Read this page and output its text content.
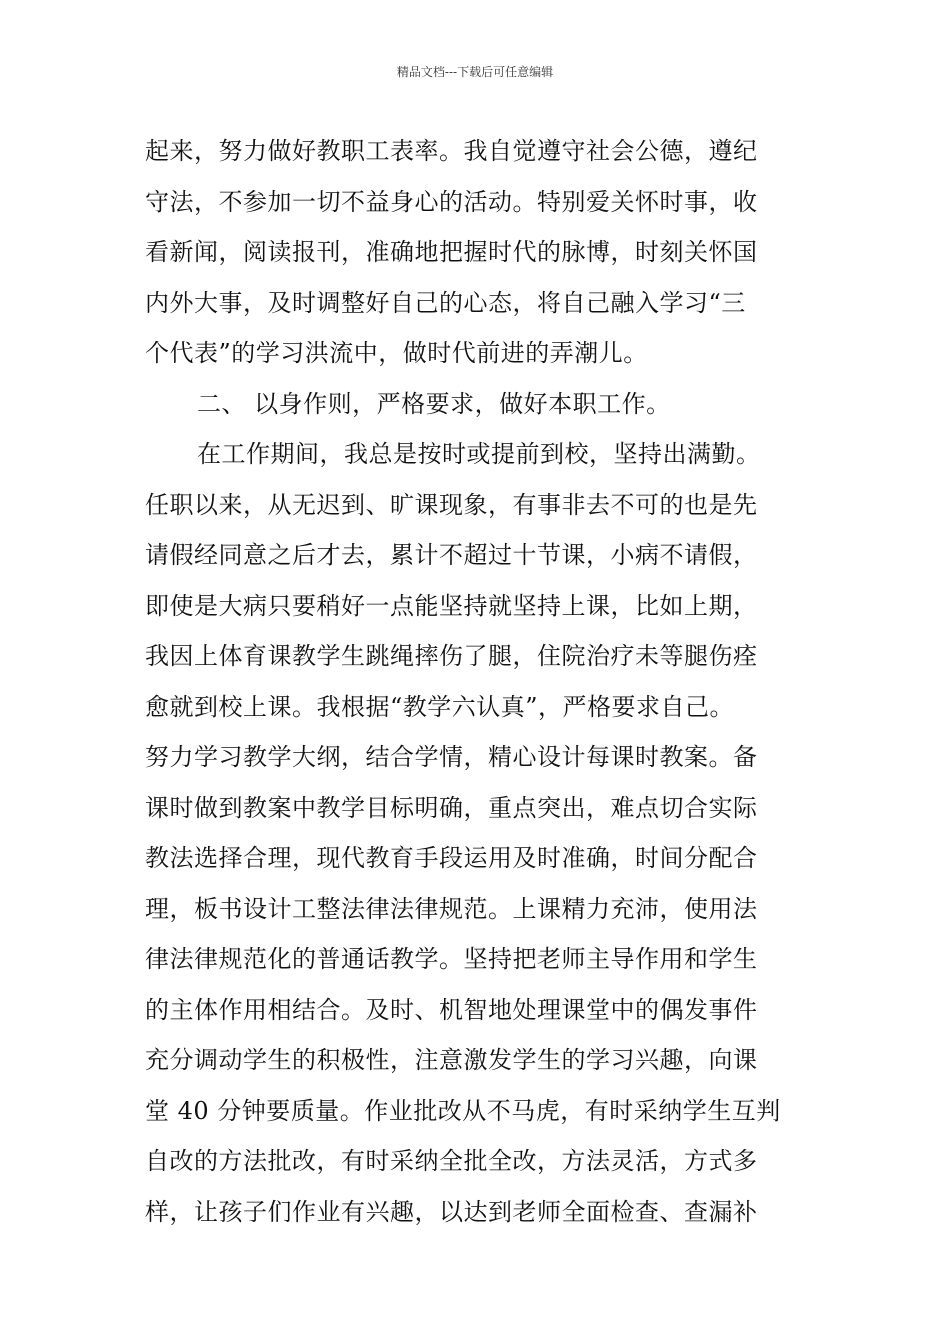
精品文档---下载后可任意编辑
起来，努力做好教职工表率。我自觉遵守社会公德，遵纪
守法，不参加一切不益身心的活动。特别爱关怀时事，收
看新闻，阅读报刊，准确地把握时代的脉博，时刻关怀国
内外大事，及时调整好自己的心态，将自己融入学习“三
个代表”的学习洪流中，做时代前进的弄潮儿。
二、 以身作则，严格要求，做好本职工作。
在工作期间，我总是按时或提前到校，坚持出满勤。
任职以来，从无迟到、旷课现象，有事非去不可的也是先
请假经同意之后才去，累计不超过十节课，小病不请假，
即使是大病只要稍好一点能坚持就坚持上课，比如上期，
我因上体育课教学生跳绳摔伤了腿，住院治疗未等腿伤痊
愈就到校上课。我根据“教学六认真”，严格要求自己。
努力学习教学大纲，结合学情，精心设计每课时教案。备
课时做到教案中教学目标明确，重点突出，难点切合实际
教法选择合理，现代教育手段运用及时准确，时间分配合
理，板书设计工整法律法律规范。上课精力充沛，使用法
律法律规范化的普通话教学。坚持把老师主导作用和学生
的主体作用相结合。及时、机智地处理课堂中的偶发事件
充分调动学生的积极性，注意激发学生的学习兴趣，向课
堂 40 分钟要质量。作业批改从不马虎，有时采纳学生互判
自改的方法批改，有时采纳全批全改，方法灵活，方式多
样，让孩子们作业有兴趣，以达到老师全面检查、查漏补
